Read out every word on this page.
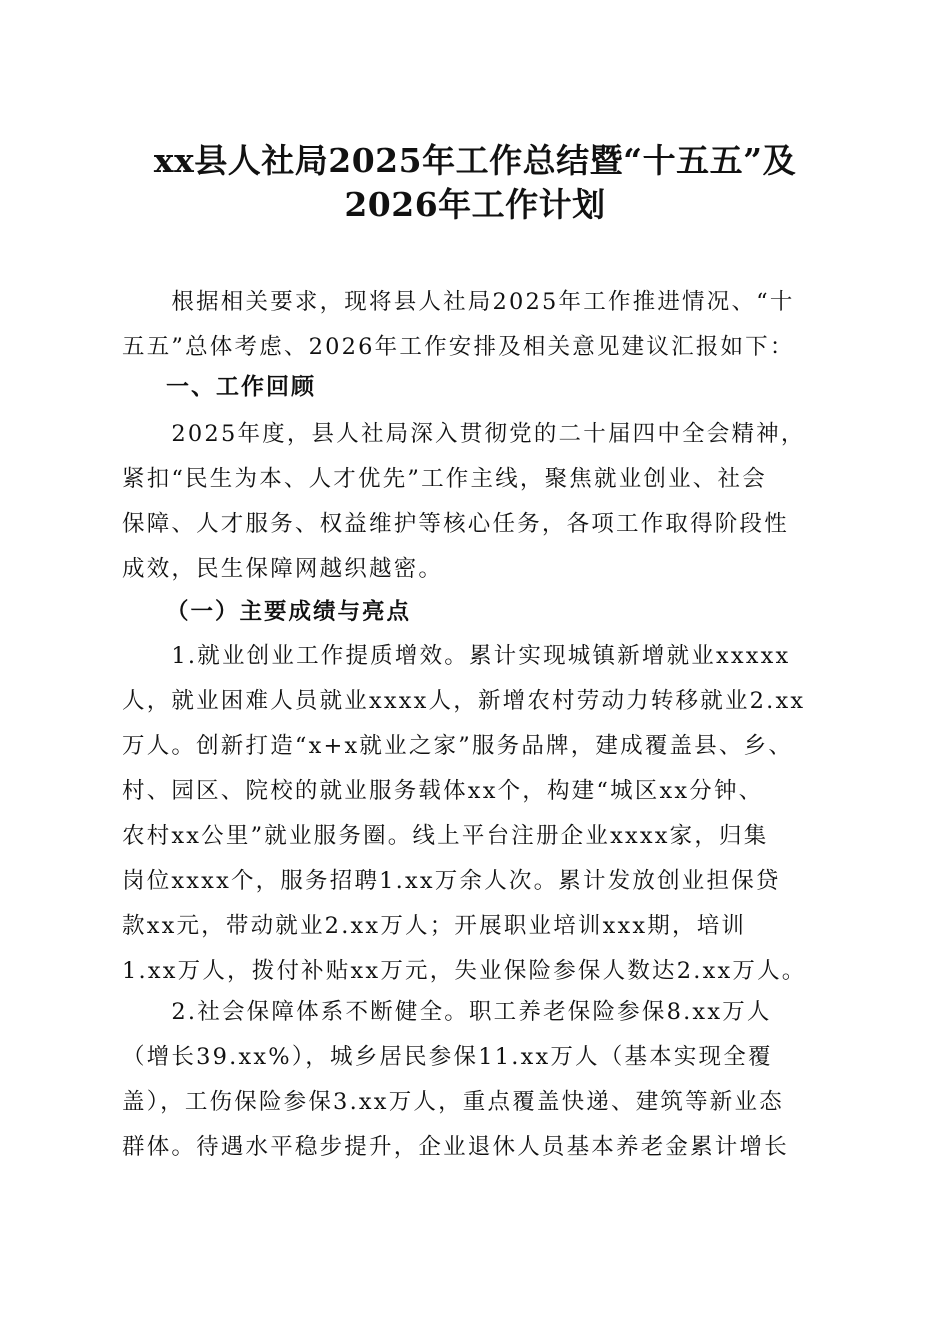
xx县人社局2025年工作总结暨“十五五”及
2026年工作计划
　　根据相关要求，现将县人社局2025年工作推进情况、“十
五五”总体考虑、2026年工作安排及相关意见建议汇报如下：
一、工作回顾
　　2025年度，县人社局深入贯彻党的二十届四中全会精神，
紧扣“民生为本、人才优先”工作主线，聚焦就业创业、社会
保障、人才服务、权益维护等核心任务，各项工作取得阶段性
成效，民生保障网越织越密。
（一）主要成绩与亮点
　　1.就业创业工作提质增效。累计实现城镇新增就业xxxxx
人，就业困难人员就业xxxx人，新增农村劳动力转移就业2.xx
万人。创新打造“x+x就业之家”服务品牌，建成覆盖县、乡、
村、园区、院校的就业服务载体xx个，构建“城区xx分钟、
农村xx公里”就业服务圈。线上平台注册企业xxxx家，归集
岗位xxxx个，服务招聘1.xx万余人次。累计发放创业担保贷
款xx元，带动就业2.xx万人；开展职业培训xxx期，培训
1.xx万人，拨付补贴xx万元，失业保险参保人数达2.xx万人。
　　2.社会保障体系不断健全。职工养老保险参保8.xx万人
（增长39.xx%），城乡居民参保11.xx万人（基本实现全覆
盖），工伤保险参保3.xx万人，重点覆盖快递、建筑等新业态
群体。待遇水平稳步提升，企业退休人员基本养老金累计增长
